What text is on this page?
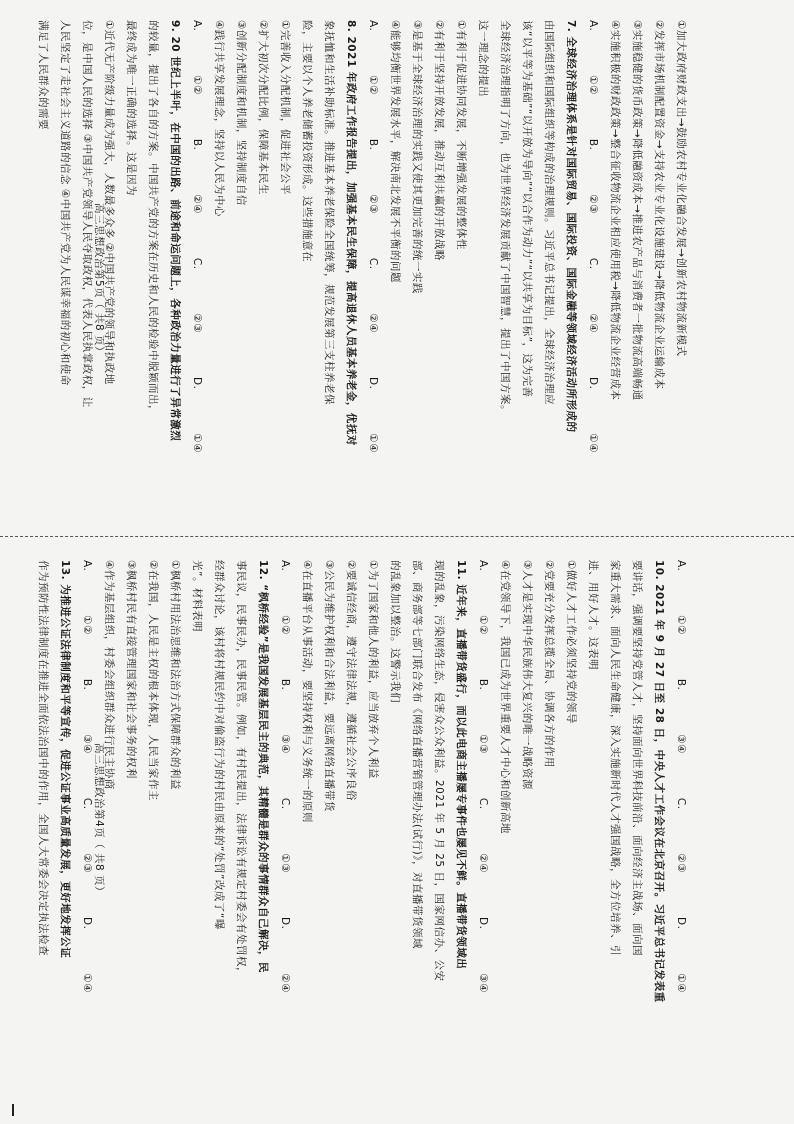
①加大政府财政支出→鼓励农村专业化融合发展→创新农村物流新模式

②发挥市场机制配置资金→支持农业专业化设施建设→降低物流企业运输成本

③实施稳健的货币政策→降低融资成本→推进农产品与消费者一批物流高端畅通

④实施积极的财政政策→整合征收物流企业相应使用税→降低物流企业经营成本

A. ①② B. ②③ C. ②④ D. ①④

7. 全球经济治理体系是针对国际贸易、国际投资、国际金融等领域经济活动所形成的

由国际组织和国际组织等构成的治理规则。习近平总书记提出，全球经济治理应

该“以平等为基础”“以开放为导向”“以合作为动力”“以共享为目标”，这为完善

全球经济治理指明了方向，也为世界经济发展贡献了中国智慧，提出了中国方案。

这一理念的提出

①有利于促进协同发展，不断增强发展的整体性

②有利于坚持开放发展，推动互利共赢的开放战略

③是基于全球经济治理的实践又使其更加完善的统一实践

④能够均衡世界发展水平，解决南北发展不平衡的问题

A. ①② B. ②③ C. ②④ D. ①④

8. 2021 年政府工作报告提出，加强基本民生保障，提高退休人员基本养老金，优抚对

象抚恤和生活补助标准。推进基本养老保险全国统筹，规范发展第三支柱养老保

险，主要以个人养老储蓄投资形成。这些措施意在

①完善收入分配机制，促进社会公平

②扩大初次分配比例，保障基本民生

③创新分配制度和机制，坚持制度自信

④践行共享发展理念，坚持以人民为中心

A. ①② B. ②④ C. ②③ D. ①④

9. 20 世纪上半叶，在中国的出路、前途和命运问题上，各种政治力量进行了异常激烈

的较量，提出了各自的方案。中国共产党的方案在历史和人民的检验中脱颖而出，

最终成为唯一正确的选择。这是因为

①近代无产阶级力量成为强大，人数最多众多 ②中国共产党的领导和执政地

位，是中国人民的选择 ③中国共产党领导人民夺取政权，代表人民执掌政权，让

人民坚定了走社会主义道路的信念 ④中国共产党为人民谋幸福的初心和使命

满足了人民群众的需要

高三思想政治第5页（ 共8 页）

A. ①② B. ③④ C. ②③ D. ①④

10. 2021 年 9 月 27 日至 28 日，中央人才工作会议在北京召开。习近平总书记发表重

要讲话，强调要坚持党管人才，坚持面向世界科技前沿、面向经济主战场、面向国

家重大需求、面向人民生命健康，深入实施新时代人才强国战略，全方位培养、引

进、用好人才。这表明

①做好人才工作必须坚持党的领导

②党要充分发挥总揽全局、协调各方的作用

③人才是实现中华民族伟大复兴的唯一战略资源

④在党领导下，我国已成为世界重要人才中心和创新高地

A. ①② B. ①③ C. ②④ D. ③④

11. 近年来，直播带货盛行，而以此电商主播屡专事件也屡见不鲜。直播带货领域出

现的乱象，污染网络生态，侵害众公众利益。2021 年 5 月 25 日，国家网信办、公安

部、商务部等七部门联合发布《网络直播营销管理办法(试行)》，对直播带货领域

的乱象加以整治。这警示我们

①为了国家和他人的利益，应当放弃个人利益

②要诚信经商，遵守法律法规，遵循社会公序良俗

③公民为维护权利和合法利益，要远离网络直播带货

④在直播平台从事活动，要坚持权利与义务统一的原则

A. ①② B. ③④ C. ①③ D. ②④

12. “枫桥经验”是我国发展基层民主的典范，其精髓是群众的事情群众自己解决，民

事民议，民事民办，民事民管。例如，有村民提出，法律诉讼有规定村委会有处罚权，

经群众讨论，该村将村规民约中对偷盗行为的村民由原来的“处罚”改成了“曝

光”。材料表明

①枫桥村用法治思维和法治方式保障群众的利益

②在我国，人民是主权的根本体现，人民当家作主

③枫桥村民有直接管理国家和社会事务的权利

④作为基层组织，村委会组织群众进行民主协商

A. ①② B. ③④ C. ②③ D. ①④

13. 为推进公证法律制度和平等宣传，促进公证事业高质量发展，更好地发挥公证

作为预防性法律制度在推进全面依法治国中的作用，全国人大常委会决定执法检查	高三思想政治第4页（ 共8 页）
